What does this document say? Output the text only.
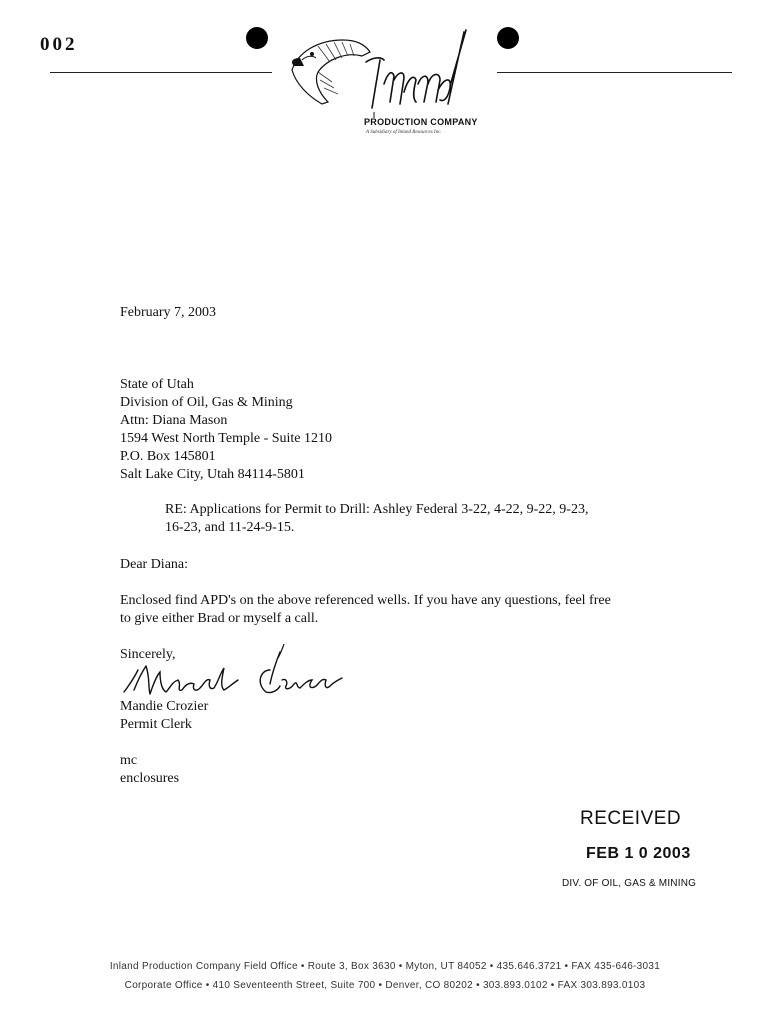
002
PRODUCTION COMPANY
A Subsidiary of Inland Resources Inc.
February 7, 2003
State of Utah
Division of Oil, Gas & Mining
Attn: Diana Mason
1594 West North Temple - Suite 1210
P.O. Box 145801
Salt Lake City, Utah 84114-5801
RE: Applications for Permit to Drill: Ashley Federal 3-22, 4-22, 9-22, 9-23,
16-23, and 11-24-9-15.
Dear Diana:
Enclosed find APD's on the above referenced wells. If you have any questions, feel free
to give either Brad or myself a call.
Sincerely,
Mandie Crozier
Permit Clerk
mc
enclosures
RECEIVED
FEB 1 0 2003
DIV. OF OIL, GAS & MINING
Inland Production Company Field Office • Route 3, Box 3630 • Myton, UT 84052 • 435.646.3721 • FAX 435-646-3031
Corporate Office • 410 Seventeenth Street, Suite 700 • Denver, CO 80202 • 303.893.0102 • FAX 303.893.0103
